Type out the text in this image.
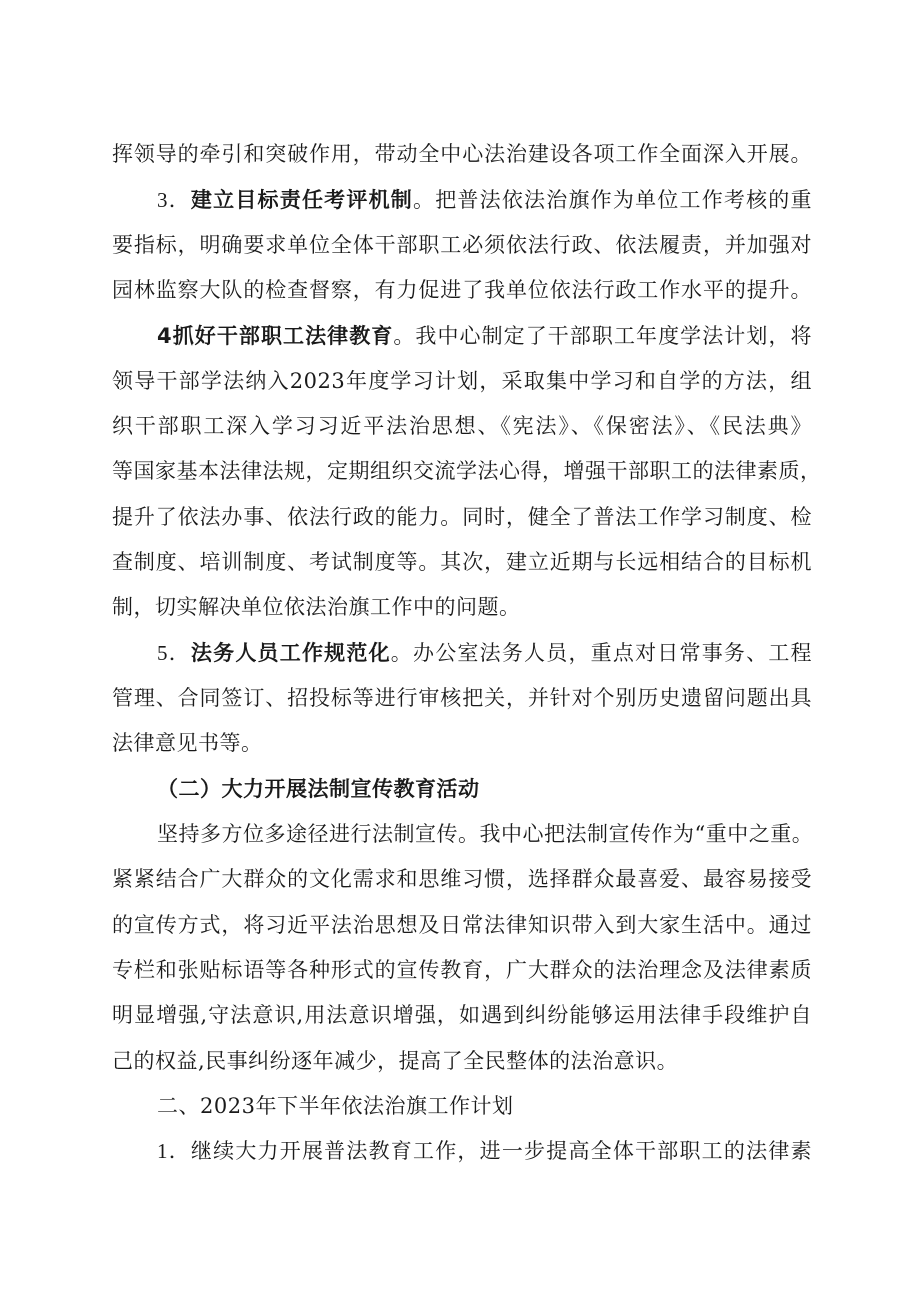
挥领导的牵引和突破作用，带动全中心法治建设各项工作全面深入开展。
3．建立目标责任考评机制。把普法依法治旗作为单位工作考核的重
要指标，明确要求单位全体干部职工必须依法行政、依法履责，并加强对
园林监察大队的检查督察，有力促进了我单位依法行政工作水平的提升。
4抓好干部职工法律教育。我中心制定了干部职工年度学法计划，将
领导干部学法纳入2023年度学习计划，采取集中学习和自学的方法，组
织干部职工深入学习习近平法治思想、《宪法》、《保密法》、《民法典》
等国家基本法律法规，定期组织交流学法心得，增强干部职工的法律素质，
提升了依法办事、依法行政的能力。同时，健全了普法工作学习制度、检
查制度、培训制度、考试制度等。其次，建立近期与长远相结合的目标机
制，切实解决单位依法治旗工作中的问题。
5．法务人员工作规范化。办公室法务人员，重点对日常事务、工程
管理、合同签订、招投标等进行审核把关，并针对个别历史遗留问题出具
法律意见书等。
（二）大力开展法制宣传教育活动
坚持多方位多途径进行法制宣传。我中心把法制宣传作为“重中之重。
紧紧结合广大群众的文化需求和思维习惯，选择群众最喜爱、最容易接受
的宣传方式，将习近平法治思想及日常法律知识带入到大家生活中。通过
专栏和张贴标语等各种形式的宣传教育，广大群众的法治理念及法律素质
明显增强,守法意识,用法意识增强，如遇到纠纷能够运用法律手段维护自
己的权益,民事纠纷逐年减少，提高了全民整体的法治意识。
二、2023年下半年依法治旗工作计划
1．继续大力开展普法教育工作，进一步提高全体干部职工的法律素
